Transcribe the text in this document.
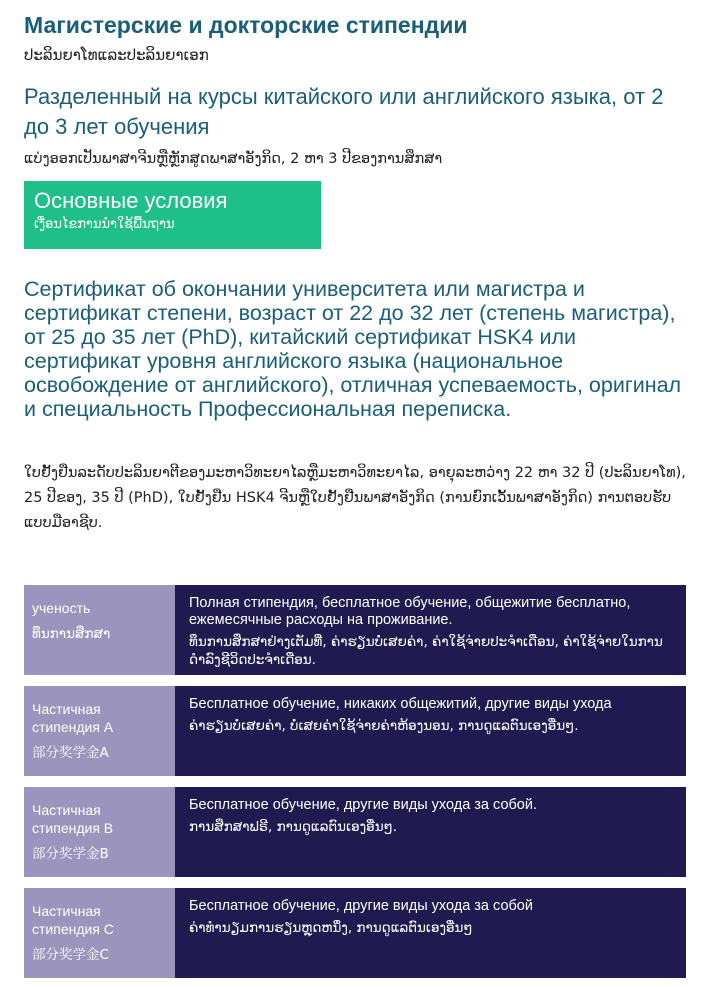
Магистерские и докторские стипендии
ປະລິນຍາໂທແລະປະລິນຍາເອກ
Разделенный на курсы китайского или английского языка, от 2 до 3 лет обучения
ແບ່ງອອກເປັນພາສາຈີນຫຼືຫຼັກສູດພາສາອັງກິດ, 2 ຫາ 3 ປີຂອງການສຶກສາ
Основные условия
ເງື່ອນໄຂການນໍາໃຊ້ພື້ນຖານ
Сертификат об окончании университета или магистра и сертификат степени, возраст от 22 до 32 лет (степень магистра), от 25 до 35 лет (PhD), китайский сертификат HSK4 или сертификат уровня английского языка (национальное освобождение от английского), отличная успеваемость, оригинал и специальность Профессиональная переписка.
ໃບຢັ້ງຢືນລະດັບປະລິນຍາຕີຂອງມະຫາວິທະຍາໄລຫຼືມະຫາວິທະຍາໄລ, ອາຍຸລະຫວ່າງ 22 ຫາ 32 ປີ (ປະລິນຍາໂທ), 25 ປີຂອງ, 35 ປີ (PhD), ໃບຢັ້ງຢືນ HSK4 ຈີນຫຼືໃບຢັ້ງຢືນພາສາອັງກິດ (ການຍົກເວັ້ນພາສາອັງກິດ) ການຕອບຮັບແບບມືອາຊີບ.
ученость
ທຶນການສຶກສາ
Полная стипендия, бесплатное обучение, общежитие бесплатно, ежемесячные расходы на проживание.
ທຶນການສຶກສາຢ່າງເຕັມທີ່, ຄ່າຮຽນບໍ່ເສຍຄ່າ, ຄ່າໃຊ້ຈ່າຍປະຈໍາເດືອນ, ຄ່າໃຊ້ຈ່າຍໃນການດໍາລົງຊີວິດປະຈໍາເດືອນ.
Частичная стипендия A
部分奖学金A
Бесплатное обучение, никаких общежитий, другие виды ухода
ຄ່າຮຽນບໍ່ເສຍຄ່າ, ບໍ່ເສຍຄ່າໃຊ້ຈ່າຍຄ່າຫ້ອງນອນ, ການດູແລຕົນເອງອື່ນໆ.
Частичная стипендия B
部分奖学金B
Бесплатное обучение, другие виды ухода за собой.
ການສຶກສາຟຣີ, ການດູແລຕົນເອງອື່ນໆ.
Частичная стипендия C
部分奖学金C
Бесплатное обучение, другие виды ухода за собой
ຄ່າທໍານຽມການຮຽນຫຼຸດຫນຶ່ງ, ການດູແລຕົນເອງອື່ນໆ
